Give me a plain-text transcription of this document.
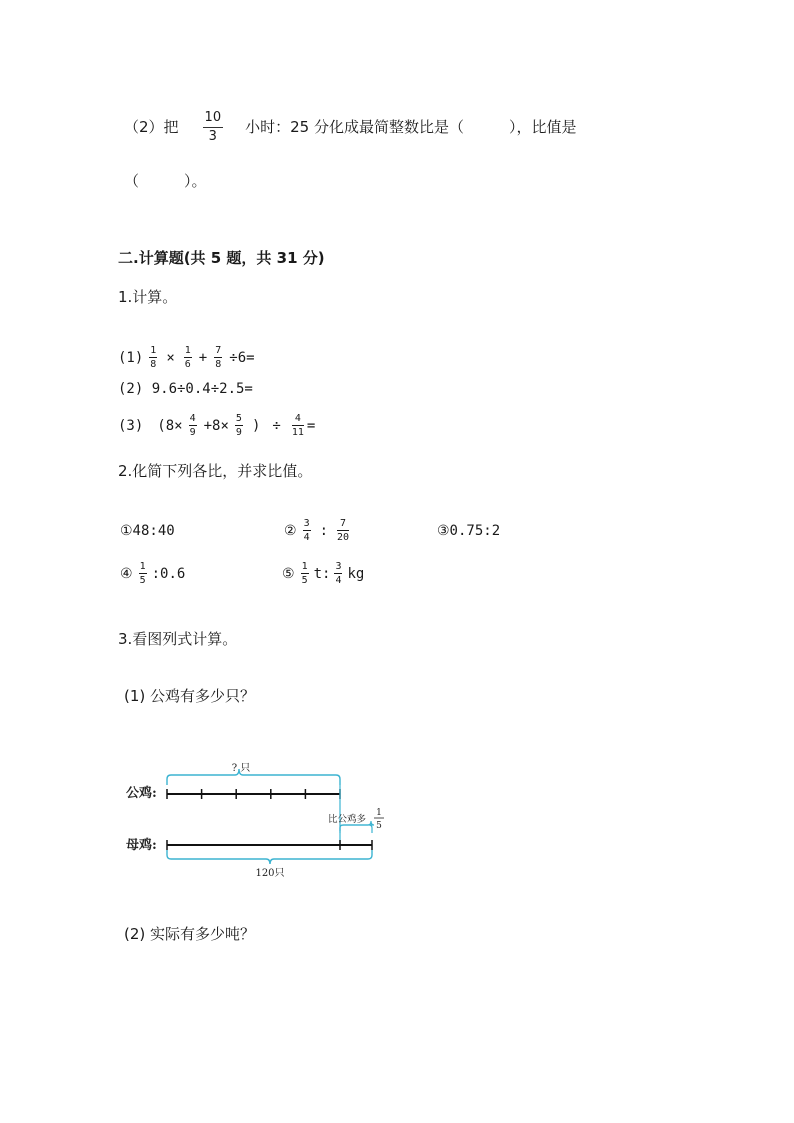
（2）把 $\frac{10}{3}$ 小时：25 分化成最简整数比是（　　　），比值是
（　　　）。
二.计算题(共 5 题，共 31 分)
1.计算。
$(1) \frac{1}{8} \times \frac{1}{6} + \frac{7}{8} \div 6=$
(2) 9.6÷0.4÷2.5=
(3) ($8\times \frac{4}{9} +8\times \frac{5}{9}$ ) ÷ $\frac{4}{11}$ =
2.化简下列各比，并求比值。
①48:40	② $\frac{3}{4}$ : $\frac{7}{20}$	③0.75:2
④ $\frac{1}{5}$ :0.6	⑤ $\frac{1}{5} t$: $\frac{3}{4}$ kg
3.看图列式计算。
(1) 公鸡有多少只？
? 只
公鸡:
比公鸡多
1
5
母鸡:
120只
(2) 实际有多少吨？
